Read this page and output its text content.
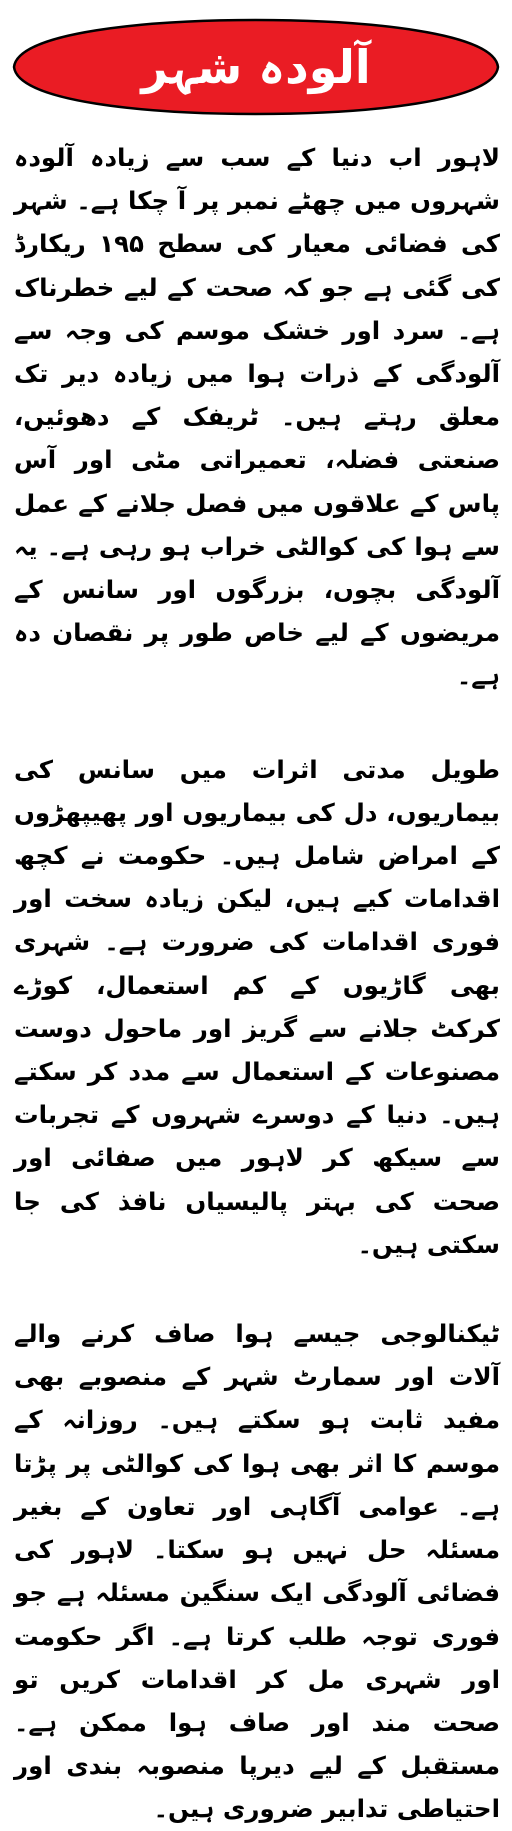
آلودہ شہر

لاہور اب دنیا کے سب سے زیادہ آلودہ شہروں میں چھٹے نمبر پر آ چکا ہے۔ شہر کی فضائی معیار کی سطح ۱۹۵ ریکارڈ کی گئی ہے جو کہ صحت کے لیے خطرناک ہے۔ سرد اور خشک موسم کی وجہ سے آلودگی کے ذرات ہوا میں زیادہ دیر تک معلق رہتے ہیں۔ ٹریفک کے دھوئیں، صنعتی فضلہ، تعمیراتی مٹی اور آس پاس کے علاقوں میں فصل جلانے کے عمل سے ہوا کی کوالٹی خراب ہو رہی ہے۔ یہ آلودگی بچوں، بزرگوں اور سانس کے مریضوں کے لیے خاص طور پر نقصان دہ ہے۔

طویل مدتی اثرات میں سانس کی بیماریوں، دل کی بیماریوں اور پھیپھڑوں کے امراض شامل ہیں۔ حکومت نے کچھ اقدامات کیے ہیں، لیکن زیادہ سخت اور فوری اقدامات کی ضرورت ہے۔ شہری بھی گاڑیوں کے کم استعمال، کوڑے کرکٹ جلانے سے گریز اور ماحول دوست مصنوعات کے استعمال سے مدد کر سکتے ہیں۔ دنیا کے دوسرے شہروں کے تجربات سے سیکھ کر لاہور میں صفائی اور صحت کی بہتر پالیسیاں نافذ کی جا سکتی ہیں۔

ٹیکنالوجی جیسے ہوا صاف کرنے والے آلات اور سمارٹ شہر کے منصوبے بھی مفید ثابت ہو سکتے ہیں۔ روزانہ کے موسم کا اثر بھی ہوا کی کوالٹی پر پڑتا ہے۔ عوامی آگاہی اور تعاون کے بغیر مسئلہ حل نہیں ہو سکتا۔ لاہور کی فضائی آلودگی ایک سنگین مسئلہ ہے جو فوری توجہ طلب کرتا ہے۔ اگر حکومت اور شہری مل کر اقدامات کریں تو صحت مند اور صاف ہوا ممکن ہے۔ مستقبل کے لیے دیرپا منصوبہ بندی اور احتیاطی تدابیر ضروری ہیں۔
